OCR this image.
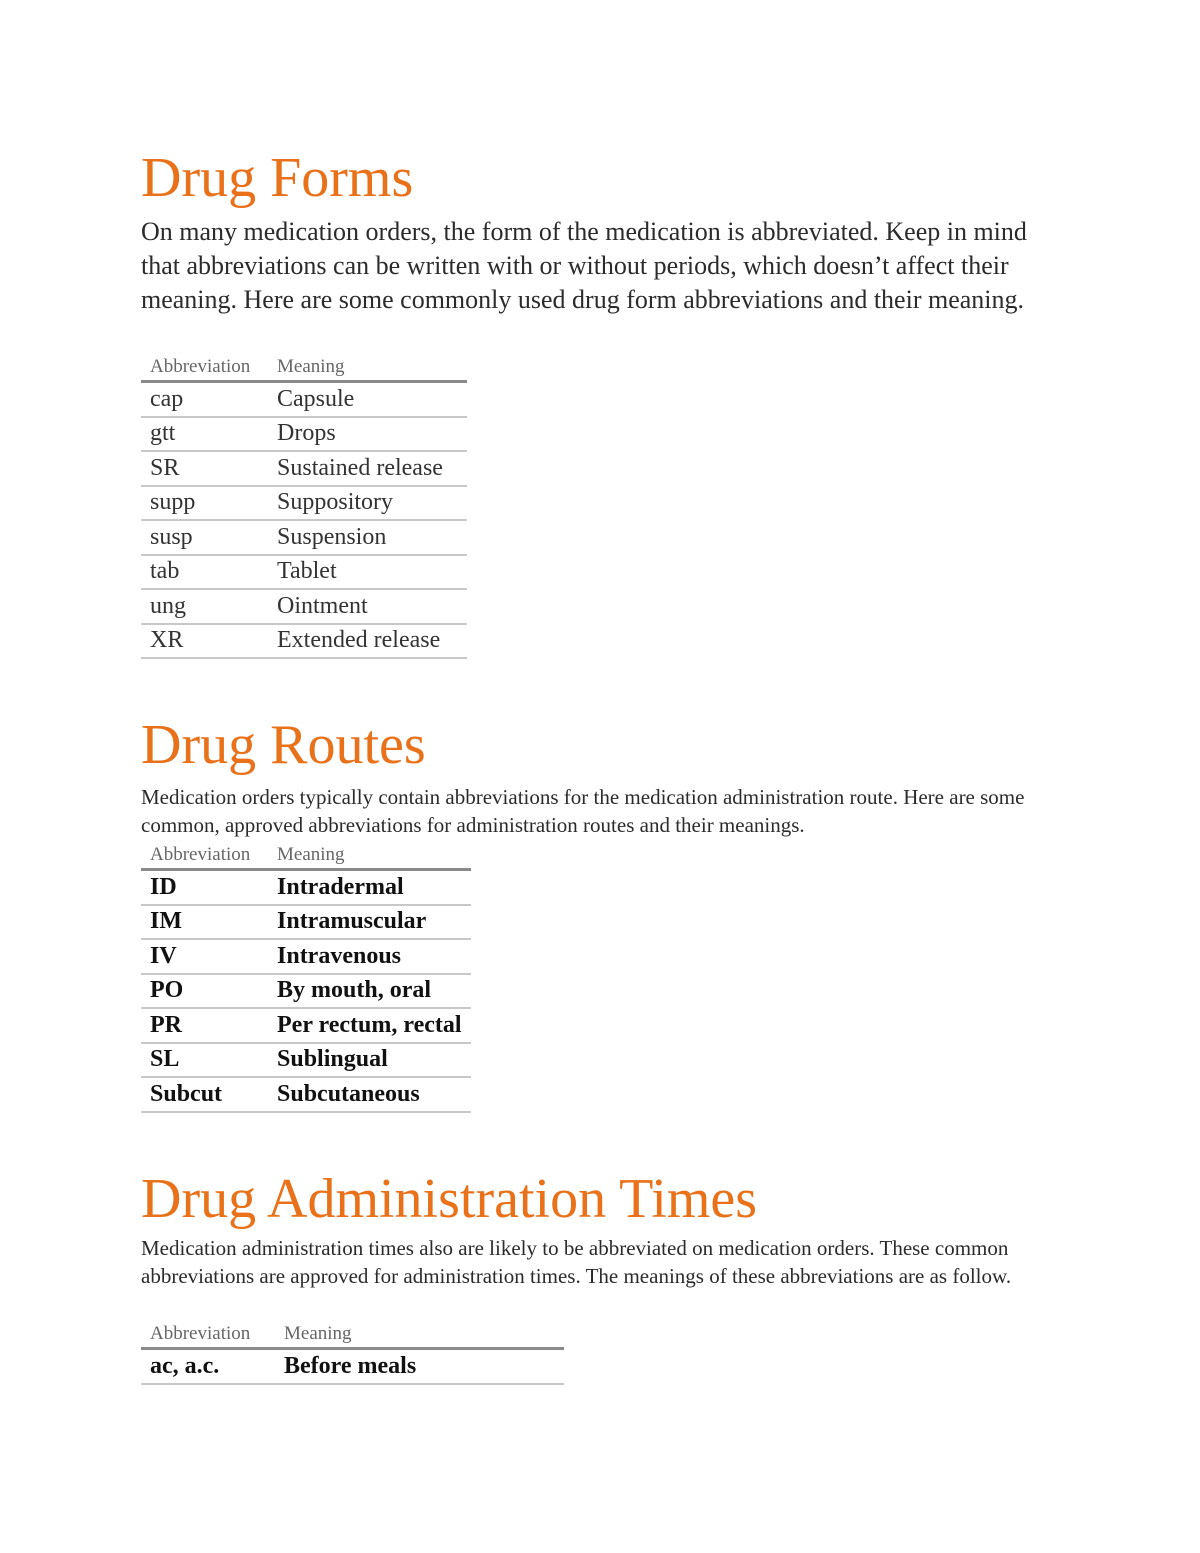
Drug Forms

On many medication orders, the form of the medication is abbreviated. Keep in mind that abbreviations can be written with or without periods, which doesn’t affect their meaning. Here are some commonly used drug form abbreviations and their meaning.

Abbreviation	Meaning
cap	Capsule
gtt	Drops
SR	Sustained release
supp	Suppository
susp	Suspension
tab	Tablet
ung	Ointment
XR	Extended release
Drug Routes

Medication orders typically contain abbreviations for the medication administration route. Here are some common, approved abbreviations for administration routes and their meanings.

Abbreviation	Meaning
ID	Intradermal
IM	Intramuscular
IV	Intravenous
PO	By mouth, oral
PR	Per rectum, rectal
SL	Sublingual
Subcut	Subcutaneous
Drug Administration Times

Medication administration times also are likely to be abbreviated on medication orders. These common abbreviations are approved for administration times. The meanings of these abbreviations are as follow.

Abbreviation	Meaning
ac, a.c.	Before meals
